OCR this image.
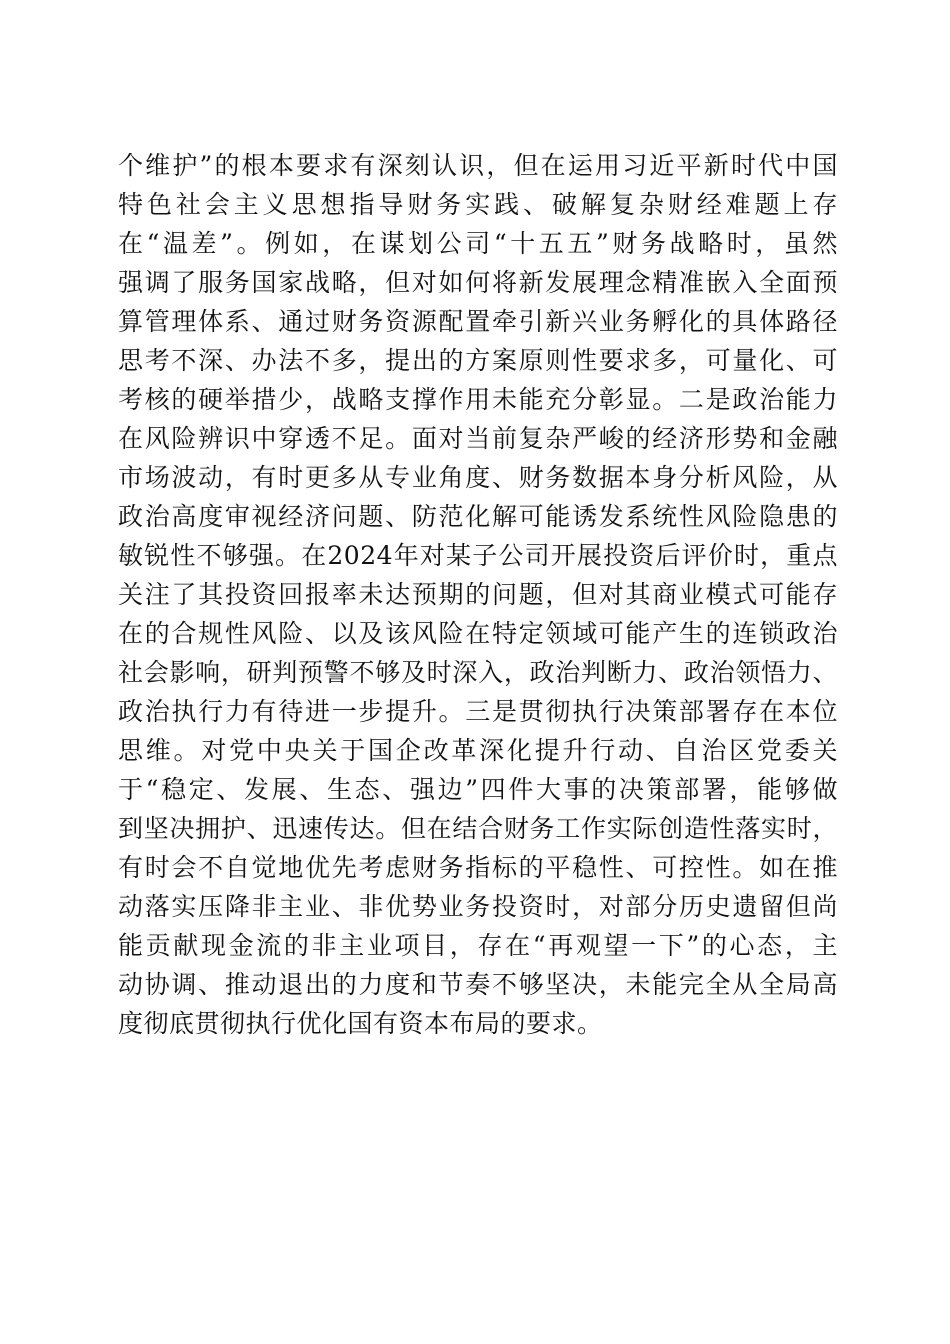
个维护”的根本要求有深刻认识，但在运用习近平新时代中国
特色社会主义思想指导财务实践、破解复杂财经难题上存
在“温差”。例如，在谋划公司“十五五”财务战略时，虽然
强调了服务国家战略，但对如何将新发展理念精准嵌入全面预
算管理体系、通过财务资源配置牵引新兴业务孵化的具体路径
思考不深、办法不多，提出的方案原则性要求多，可量化、可
考核的硬举措少，战略支撑作用未能充分彰显。二是政治能力
在风险辨识中穿透不足。面对当前复杂严峻的经济形势和金融
市场波动，有时更多从专业角度、财务数据本身分析风险，从
政治高度审视经济问题、防范化解可能诱发系统性风险隐患的
敏锐性不够强。在2024年对某子公司开展投资后评价时，重点
关注了其投资回报率未达预期的问题，但对其商业模式可能存
在的合规性风险、以及该风险在特定领域可能产生的连锁政治
社会影响，研判预警不够及时深入，政治判断力、政治领悟力、
政治执行力有待进一步提升。三是贯彻执行决策部署存在本位
思维。对党中央关于国企改革深化提升行动、自治区党委关
于“稳定、发展、生态、强边”四件大事的决策部署，能够做
到坚决拥护、迅速传达。但在结合财务工作实际创造性落实时，
有时会不自觉地优先考虑财务指标的平稳性、可控性。如在推
动落实压降非主业、非优势业务投资时，对部分历史遗留但尚
能贡献现金流的非主业项目，存在“再观望一下”的心态，主
动协调、推动退出的力度和节奏不够坚决，未能完全从全局高
度彻底贯彻执行优化国有资本布局的要求。
